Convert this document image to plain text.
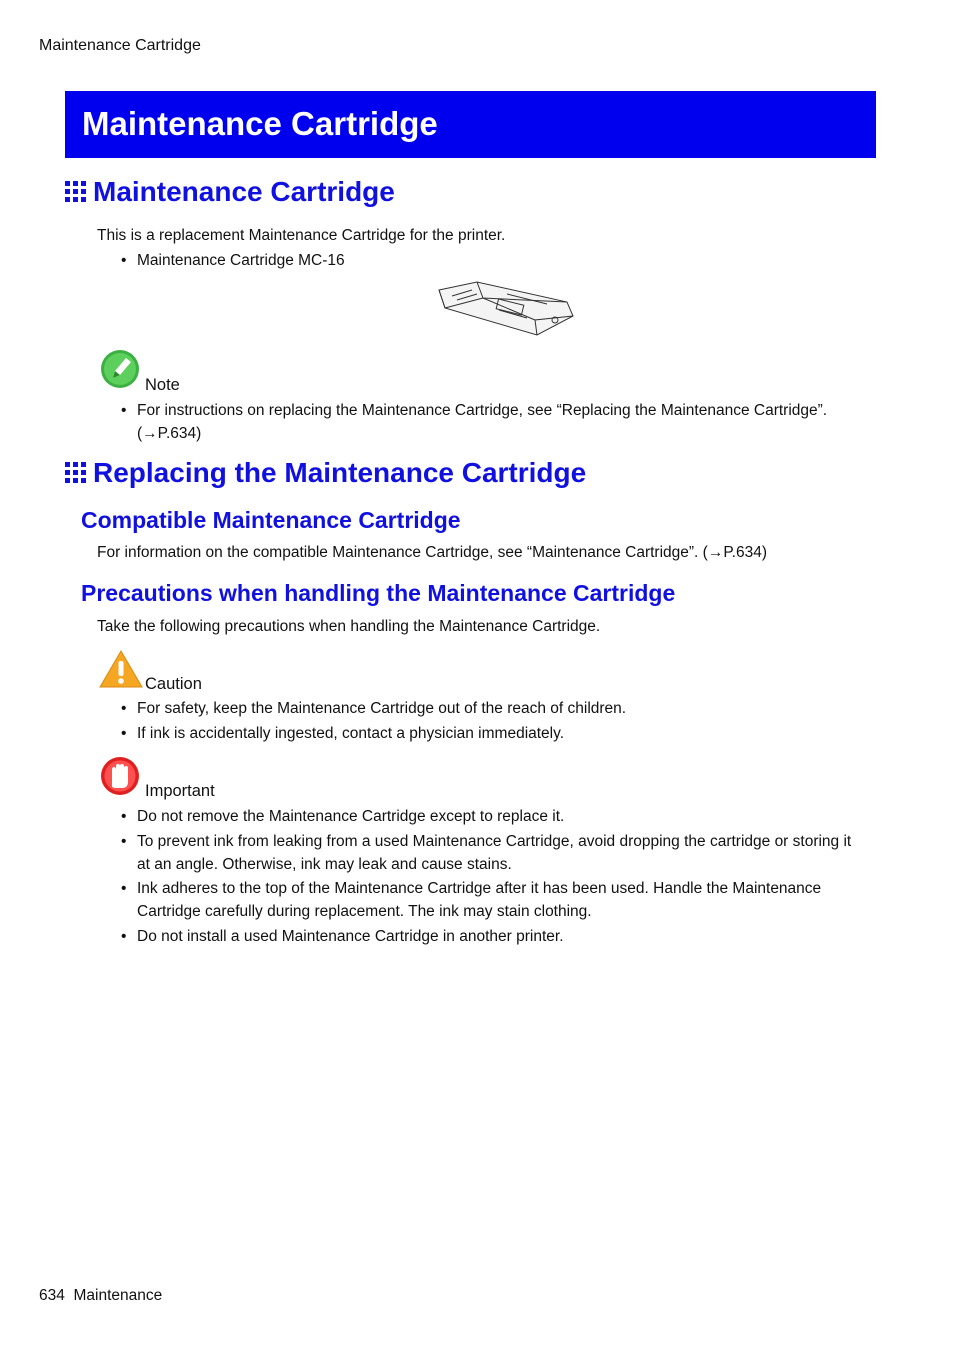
Maintenance Cartridge
Maintenance Cartridge
Maintenance Cartridge
This is a replacement Maintenance Cartridge for the printer.
• Maintenance Cartridge MC-16
Note
• For instructions on replacing the Maintenance Cartridge, see “Replacing the Maintenance Cartridge”.
(→P.634)
Replacing the Maintenance Cartridge
Compatible Maintenance Cartridge
For information on the compatible Maintenance Cartridge, see “Maintenance Cartridge”. (→P.634)
Precautions when handling the Maintenance Cartridge
Take the following precautions when handling the Maintenance Cartridge.
Caution
• For safety, keep the Maintenance Cartridge out of the reach of children.
• If ink is accidentally ingested, contact a physician immediately.
Important
• Do not remove the Maintenance Cartridge except to replace it.
• To prevent ink from leaking from a used Maintenance Cartridge, avoid dropping the cartridge or storing it
at an angle. Otherwise, ink may leak and cause stains.
• Ink adheres to the top of the Maintenance Cartridge after it has been used. Handle the Maintenance
Cartridge carefully during replacement. The ink may stain clothing.
• Do not install a used Maintenance Cartridge in another printer.
634 Maintenance
